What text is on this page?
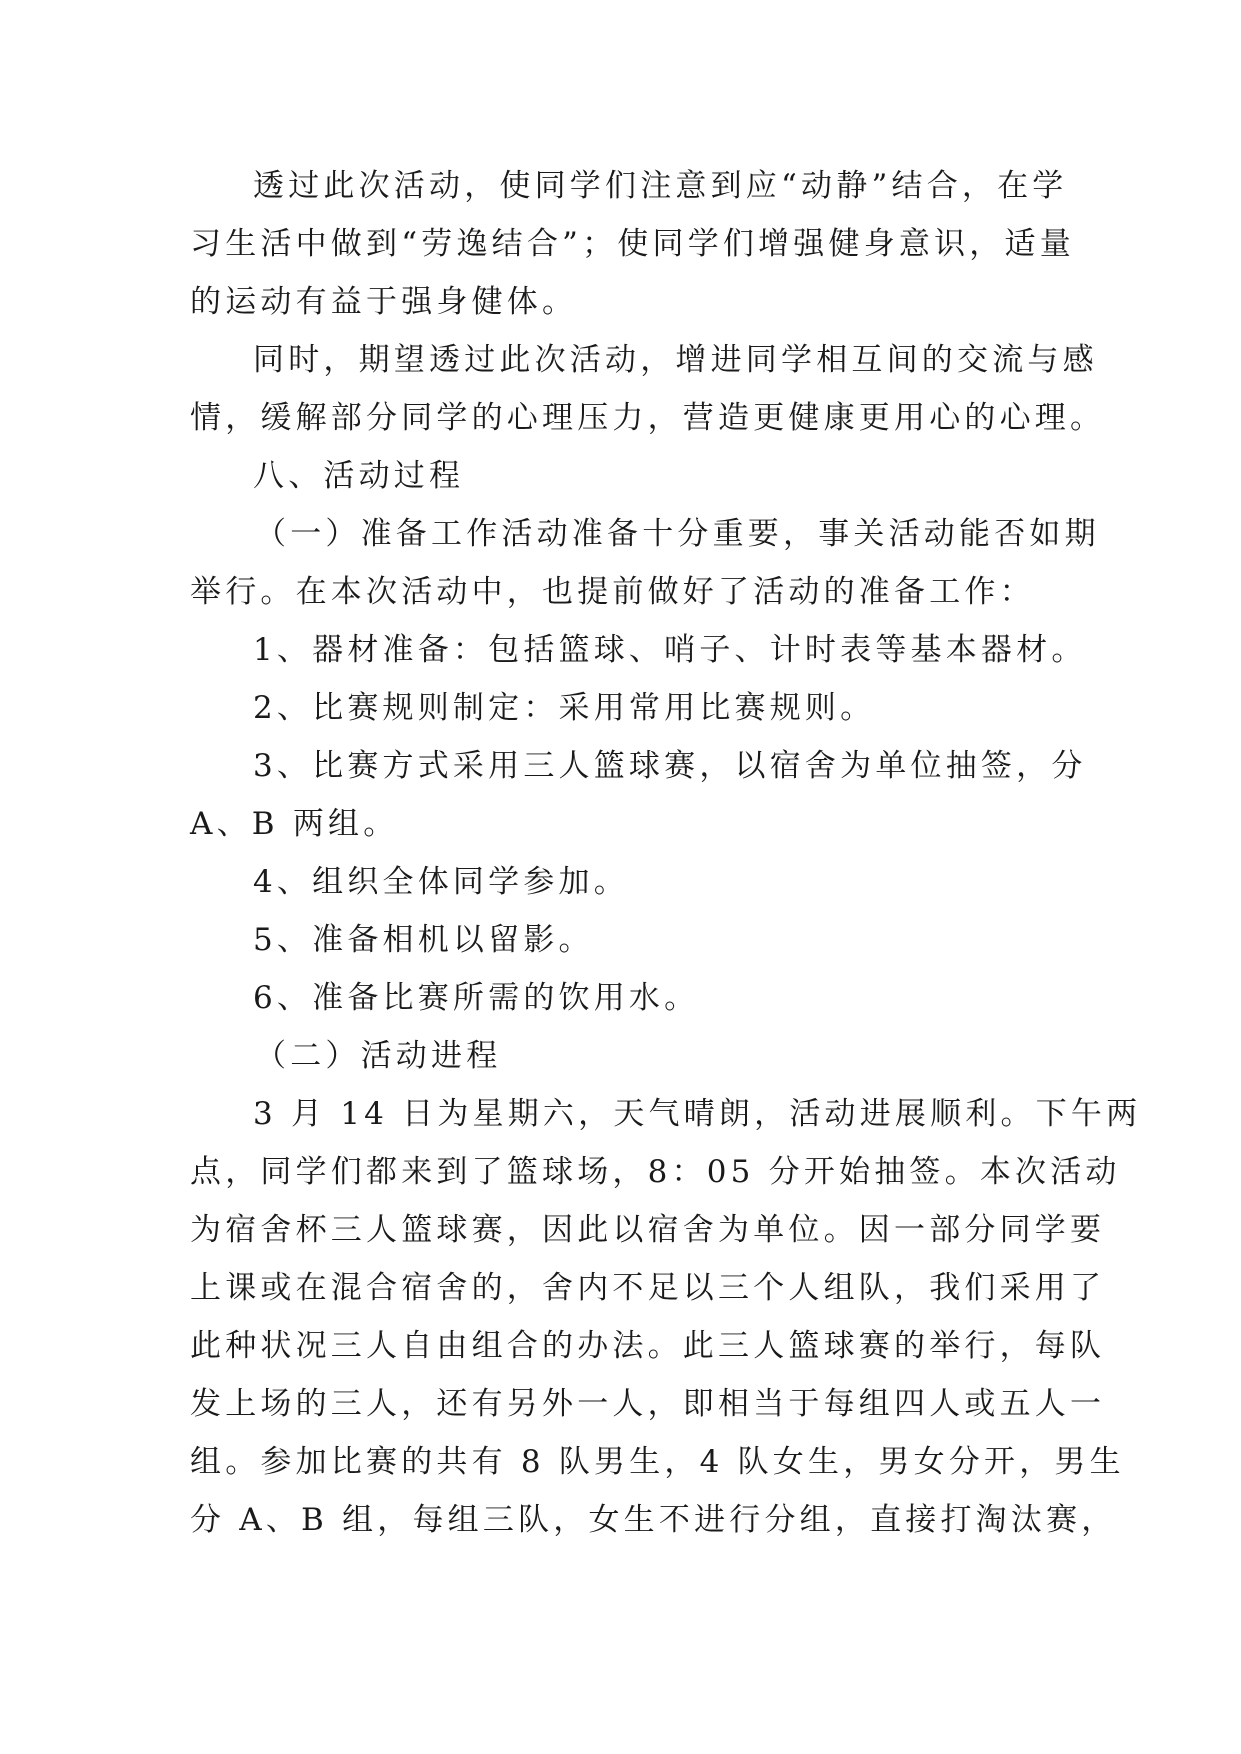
透过此次活动，使同学们注意到应“动静”结合，在学
习生活中做到“劳逸结合”；使同学们增强健身意识，适量
的运动有益于强身健体。
同时，期望透过此次活动，增进同学相互间的交流与感
情，缓解部分同学的心理压力，营造更健康更用心的心理。
八、活动过程
（一）准备工作活动准备十分重要，事关活动能否如期
举行。在本次活动中，也提前做好了活动的准备工作：
1、器材准备：包括篮球、哨子、计时表等基本器材。
2、比赛规则制定：采用常用比赛规则。
3、比赛方式采用三人篮球赛，以宿舍为单位抽签，分
A、B 两组。
4、组织全体同学参加。
5、准备相机以留影。
6、准备比赛所需的饮用水。
（二）活动进程
3 月 14 日为星期六，天气晴朗，活动进展顺利。下午两
点，同学们都来到了篮球场，8：05 分开始抽签。本次活动
为宿舍杯三人篮球赛，因此以宿舍为单位。因一部分同学要
上课或在混合宿舍的，舍内不足以三个人组队，我们采用了
此种状况三人自由组合的办法。此三人篮球赛的举行，每队
发上场的三人，还有另外一人，即相当于每组四人或五人一
组。参加比赛的共有 8 队男生，4 队女生，男女分开，男生
分 A、B 组，每组三队，女生不进行分组，直接打淘汰赛，
